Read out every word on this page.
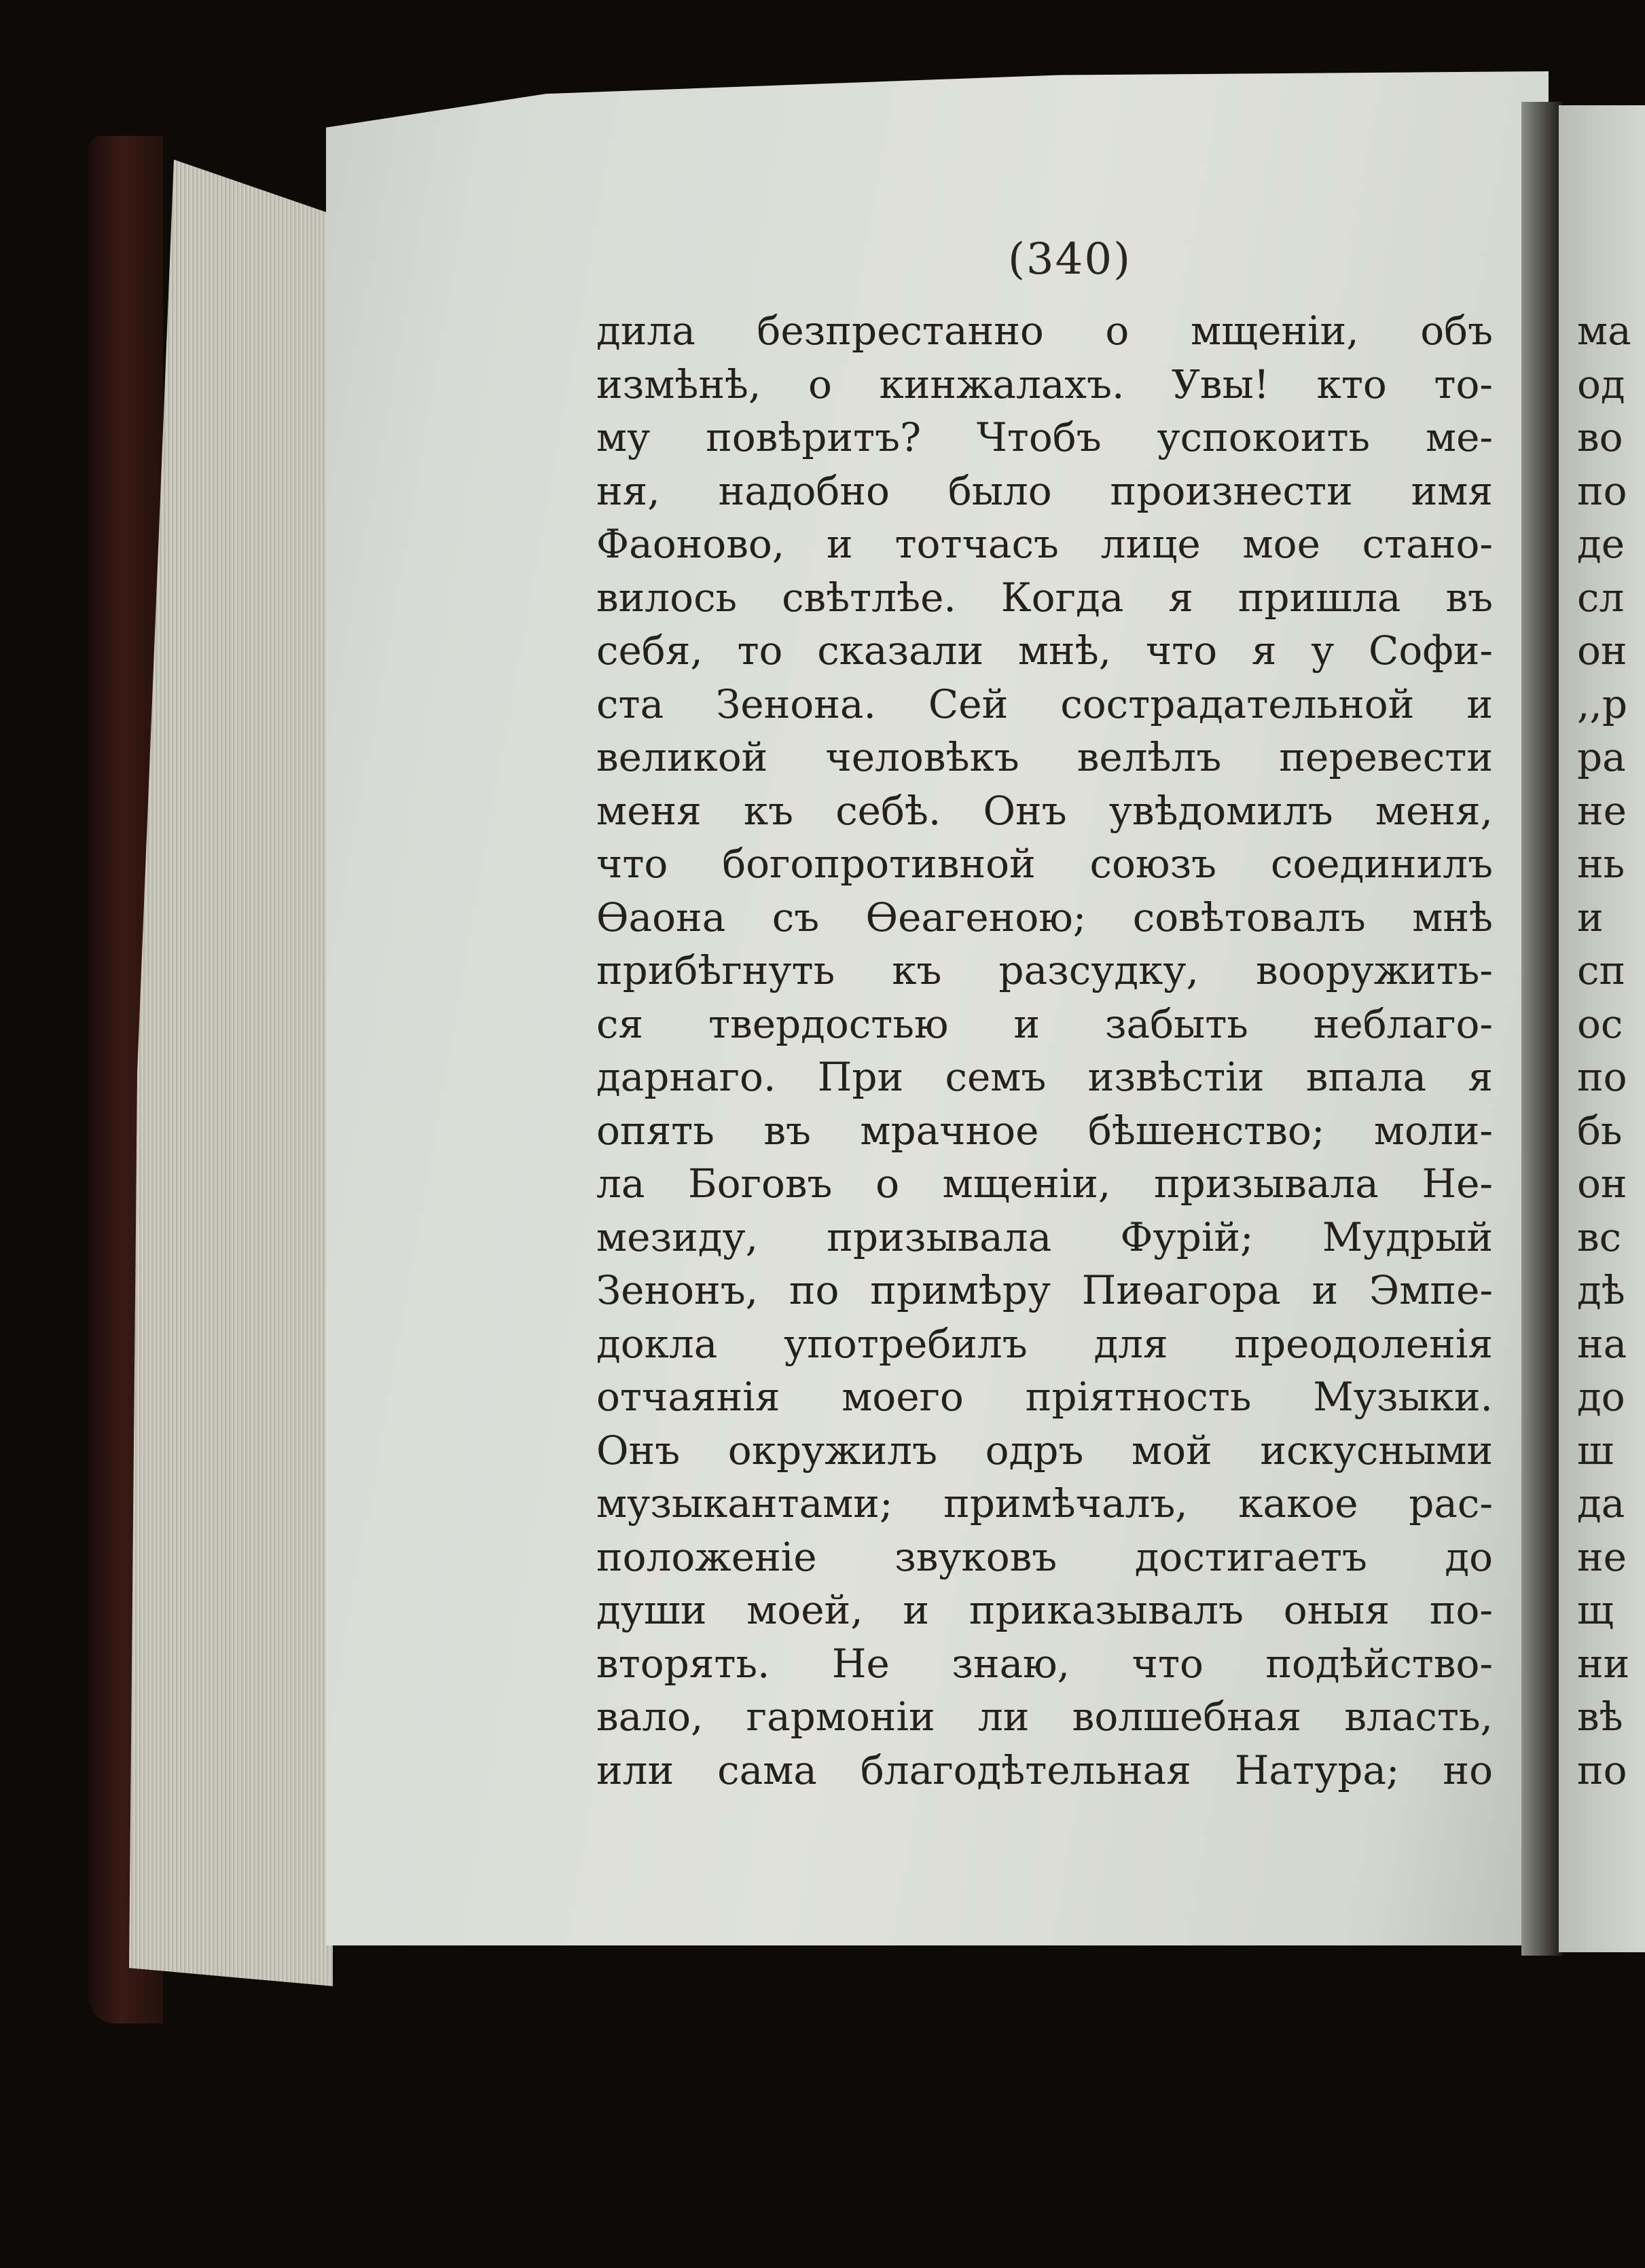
(340)
дила безпрестанно о мщеніи, объ
измѣнѣ, о кинжалахъ. Увы! кто то-
му повѣритъ? Чтобъ успокоить ме-
ня, надобно было произнести имя
Фаоново, и тотчасъ лице мое стано-
вилось свѣтлѣе. Когда я пришла въ
себя, то сказали мнѣ, что я у Софи-
ста Зенона. Сей сострадательной и
великой человѣкъ велѣлъ перевести
меня къ себѣ. Онъ увѣдомилъ меня,
что богопротивной союзъ соединилъ
Ѳаона съ Ѳеагеною; совѣтовалъ мнѣ
прибѣгнуть къ разсудку, вооружить-
ся твердостью и забыть неблаго-
дарнаго. При семъ извѣстіи впала я
опять въ мрачное бѣшенство; моли-
ла Боговъ о мщеніи, призывала Не-
мезиду, призывала Фурій; Мудрый
Зенонъ, по примѣру Пиѳагора и Эмпе-
докла употребилъ для преодоленія
отчаянія моего пріятность Музыки.
Онъ окружилъ одръ мой искусными
музыкантами; примѣчалъ, какое рас-
положеніе звуковъ достигаетъ до
души моей, и приказывалъ оныя по-
вторять. Не знаю, что подѣйство-
вало, гармоніи ли волшебная власть,
или сама благодѣтельная Натура; но
ма
од
во
по
де
сл
он
,,р
ра
не
нь
и
сп
ос
по
бь
он
вс
дѣ
на
до
ш
да
не
щ
ни
вѣ
по
